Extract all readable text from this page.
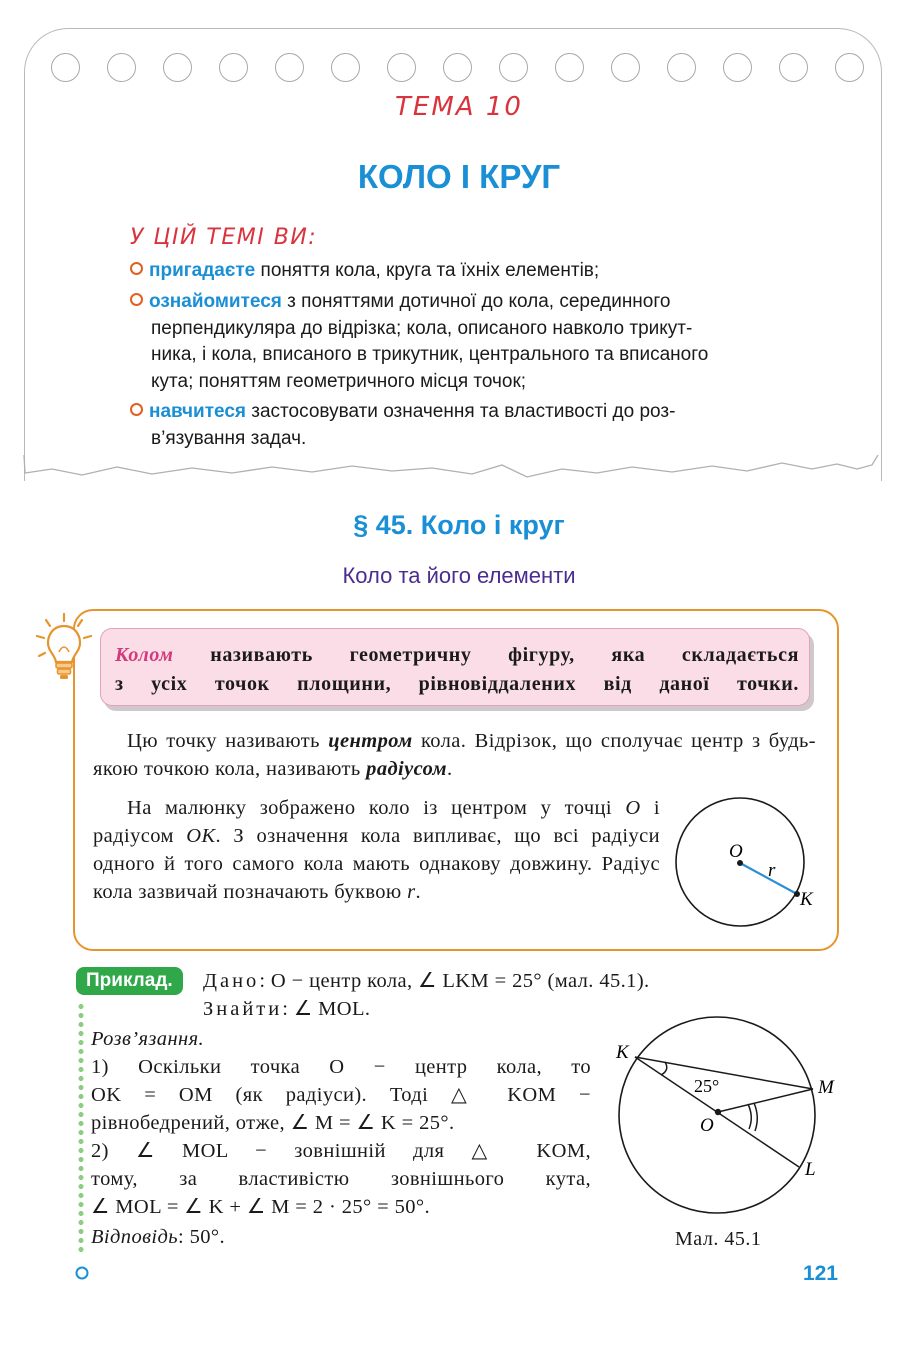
ТЕМА 10
КОЛО І КРУГ
У ЦІЙ ТЕМІ ВИ:
пригадаєте поняття кола, круга та їхніх елементів;
ознайомитеся з поняттями дотичної до кола, серединного
перпендикуляра до відрізка; кола, описаного навколо трикут-
ника, і кола, вписаного в трикутник, центрального та вписаного
кута; поняттям геометричного місця точок;
навчитеся застосовувати означення та властивості до роз-
в’язування задач.
§ 45. Коло і круг
Коло та його елементи
Колом називають геометричну фігуру, яка складається
з усіх точок площини, рівновіддалених від даної точки.
Цю точку називають центром кола. Відрізок, що сполучає центр з будь-якою точкою кола, називають радіусом.
На малюнку зображено коло із центром у точці O і радіусом OK. З означення кола випливає, що всі радіуси одного й того самого кола мають однакову довжину. Радіус кола зазвичай позначають буквою r.
O
r
K
Приклад.	Дано: O − центр кола, ∠ LKM = 25° (мал. 45.1).
Знайти: ∠ MOL.
Розв’язання.
1) Оскільки точка O − центр кола, то
OK = OM (як радіуси). Тоді △ KOM −
рівнобедрений, отже, ∠ M = ∠ K = 25°.
2) ∠ MOL − зовнішній для △ KOM,
тому, за властивістю зовнішнього кута,
∠ MOL = ∠ K + ∠ M = 2 · 25° = 50°.
Відповідь: 50°.
K
M
O
L
25°
Мал. 45.1
121
